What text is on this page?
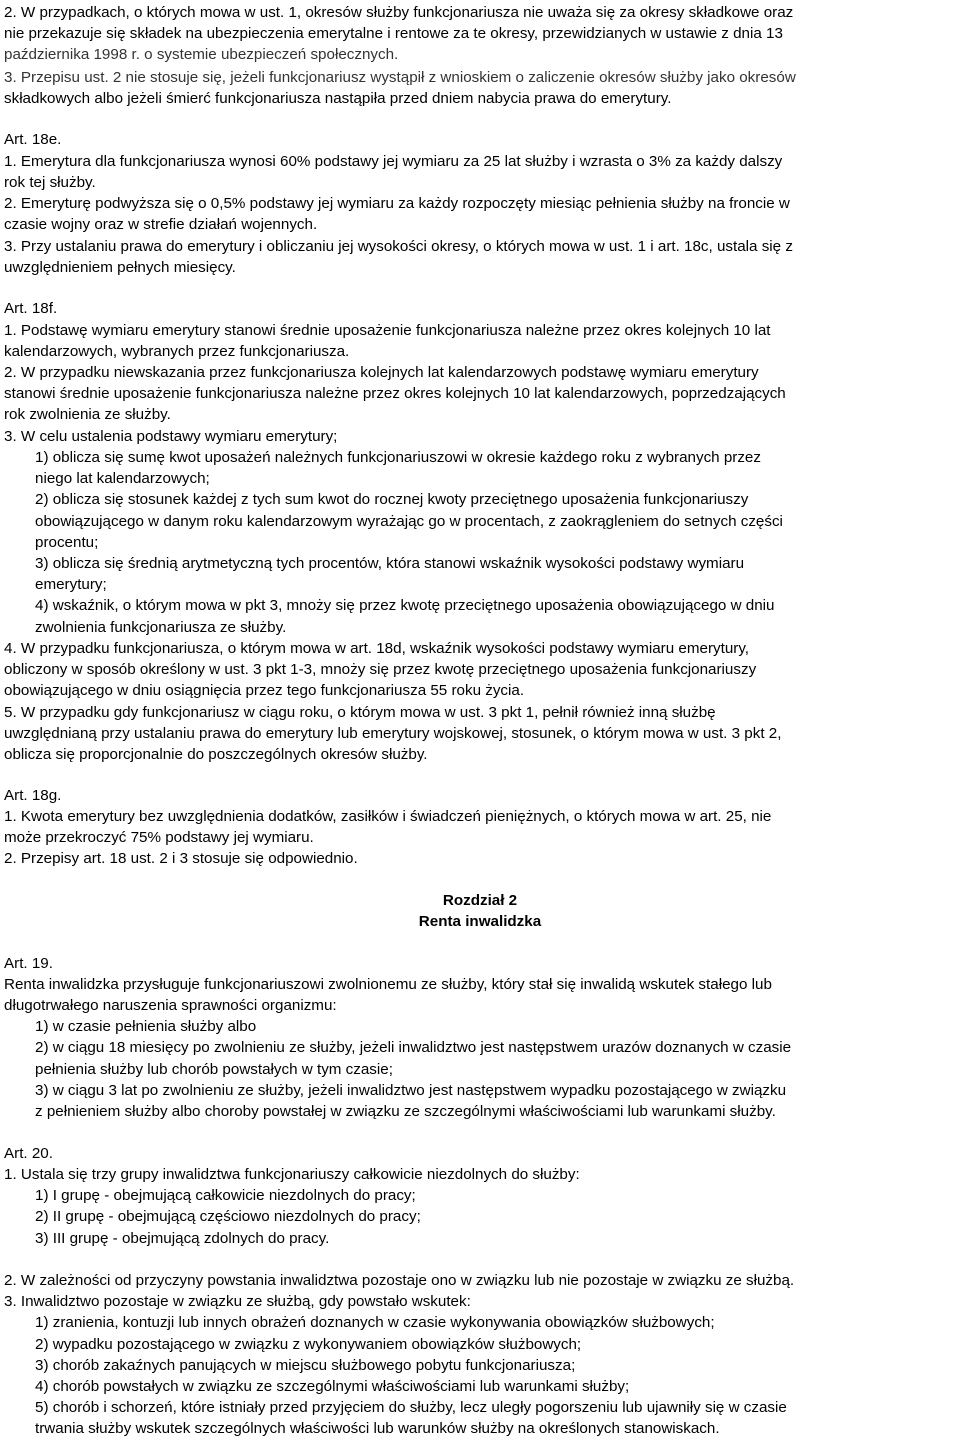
2. W przypadkach, o których mowa w ust. 1, okresów służby funkcjonariusza nie uważa się za okresy składkowe oraz
nie przekazuje się składek na ubezpieczenia emerytalne i rentowe za te okresy, przewidzianych w ustawie z dnia 13
października 1998 r. o systemie ubezpieczeń społecznych.
3. Przepisu ust. 2 nie stosuje się, jeżeli funkcjonariusz wystąpił z wnioskiem o zaliczenie okresów służby jako okresów
składkowych albo jeżeli śmierć funkcjonariusza nastąpiła przed dniem nabycia prawa do emerytury.
Art. 18e.
1. Emerytura dla funkcjonariusza wynosi 60% podstawy jej wymiaru za 25 lat służby i wzrasta o 3% za każdy dalszy
rok tej służby.
2. Emeryturę podwyższa się o 0,5% podstawy jej wymiaru za każdy rozpoczęty miesiąc pełnienia służby na froncie w
czasie wojny oraz w strefie działań wojennych.
3. Przy ustalaniu prawa do emerytury i obliczaniu jej wysokości okresy, o których mowa w ust. 1 i art. 18c, ustala się z
uwzględnieniem pełnych miesięcy.
Art. 18f.
1. Podstawę wymiaru emerytury stanowi średnie uposażenie funkcjonariusza należne przez okres kolejnych 10 lat
kalendarzowych, wybranych przez funkcjonariusza.
2. W przypadku niewskazania przez funkcjonariusza kolejnych lat kalendarzowych podstawę wymiaru emerytury
stanowi średnie uposażenie funkcjonariusza należne przez okres kolejnych 10 lat kalendarzowych, poprzedzających
rok zwolnienia ze służby.
3. W celu ustalenia podstawy wymiaru emerytury;
1) oblicza się sumę kwot uposażeń należnych funkcjonariuszowi w okresie każdego roku z wybranych przez
niego lat kalendarzowych;
2) oblicza się stosunek każdej z tych sum kwot do rocznej kwoty przeciętnego uposażenia funkcjonariuszy
obowiązującego w danym roku kalendarzowym wyrażając go w procentach, z zaokrągleniem do setnych części
procentu;
3) oblicza się średnią arytmetyczną tych procentów, która stanowi wskaźnik wysokości podstawy wymiaru
emerytury;
4) wskaźnik, o którym mowa w pkt 3, mnoży się przez kwotę przeciętnego uposażenia obowiązującego w dniu
zwolnienia funkcjonariusza ze służby.
4. W przypadku funkcjonariusza, o którym mowa w art. 18d, wskaźnik wysokości podstawy wymiaru emerytury,
obliczony w sposób określony w ust. 3 pkt 1-3, mnoży się przez kwotę przeciętnego uposażenia funkcjonariuszy
obowiązującego w dniu osiągnięcia przez tego funkcjonariusza 55 roku życia.
5. W przypadku gdy funkcjonariusz w ciągu roku, o którym mowa w ust. 3 pkt 1, pełnił również inną służbę
uwzględnianą przy ustalaniu prawa do emerytury lub emerytury wojskowej, stosunek, o którym mowa w ust. 3 pkt 2,
oblicza się proporcjonalnie do poszczególnych okresów służby.
Art. 18g.
1. Kwota emerytury bez uwzględnienia dodatków, zasiłków i świadczeń pieniężnych, o których mowa w art. 25, nie
może przekroczyć 75% podstawy jej wymiaru.
2. Przepisy art. 18 ust. 2 i 3 stosuje się odpowiednio.
Rozdział 2
Renta inwalidzka
Art. 19.
Renta inwalidzka przysługuje funkcjonariuszowi zwolnionemu ze służby, który stał się inwalidą wskutek stałego lub
długotrwałego naruszenia sprawności organizmu:
1) w czasie pełnienia służby albo
2) w ciągu 18 miesięcy po zwolnieniu ze służby, jeżeli inwalidztwo jest następstwem urazów doznanych w czasie
pełnienia służby lub chorób powstałych w tym czasie;
3) w ciągu 3 lat po zwolnieniu ze służby, jeżeli inwalidztwo jest następstwem wypadku pozostającego w związku
z pełnieniem służby albo choroby powstałej w związku ze szczególnymi właściwościami lub warunkami służby.
Art. 20.
1. Ustala się trzy grupy inwalidztwa funkcjonariuszy całkowicie niezdolnych do służby:
1) I grupę - obejmującą całkowicie niezdolnych do pracy;
2) II grupę - obejmującą częściowo niezdolnych do pracy;
3) III grupę - obejmującą zdolnych do pracy.
2. W zależności od przyczyny powstania inwalidztwa pozostaje ono w związku lub nie pozostaje w związku ze służbą.
3. Inwalidztwo pozostaje w związku ze służbą, gdy powstało wskutek:
1) zranienia, kontuzji lub innych obrażeń doznanych w czasie wykonywania obowiązków służbowych;
2) wypadku pozostającego w związku z wykonywaniem obowiązków służbowych;
3) chorób zakaźnych panujących w miejscu służbowego pobytu funkcjonariusza;
4) chorób powstałych w związku ze szczególnymi właściwościami lub warunkami służby;
5) chorób i schorzeń, które istniały przed przyjęciem do służby, lecz uległy pogorszeniu lub ujawniły się w czasie
trwania służby wskutek szczególnych właściwości lub warunków służby na określonych stanowiskach.
